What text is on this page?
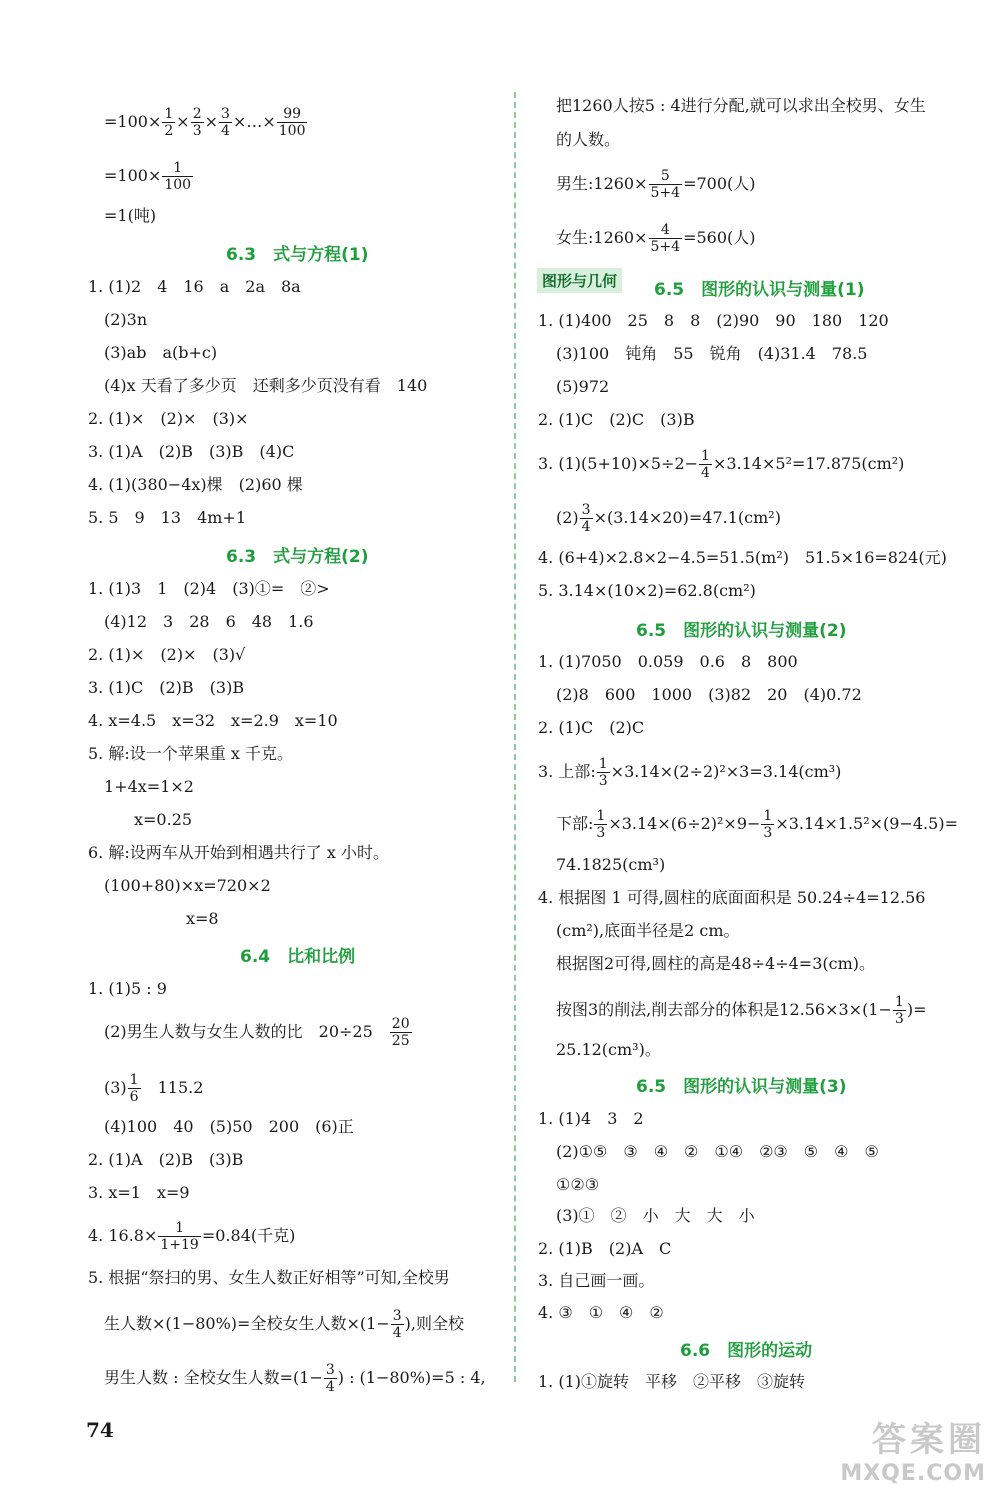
$=100\times \frac{1}{2} \times \frac{2}{3} \times \frac{3}{4}$ ×…× $\frac{99}{100}$
$=100\times \frac{1}{100}$
=1(吨)
6.3　式与方程(1)
1. (1)2　4　16　a　2a　8a
(2)3n
(3)ab　a(b+c)
(4)x 天看了多少页　还剩多少页没有看　140
2. (1)×　(2)×　(3)×
3. (1)A　(2)B　(3)B　(4)C
4. (1)(380−4x)棵　(2)60 棵
5. 5　9　13　4m+1
6.3　式与方程(2)
1. (1)3　1　(2)4　(3)①=　②>
(4)12　3　28　6　48　1.6
2. (1)×　(2)×　(3)√
3. (1)C　(2)B　(3)B
4. x=4.5　x=32　x=2.9　x=10
5. 解:设一个苹果重 x 千克。
1+4x=1×2
x=0.25
6. 解:设两车从开始到相遇共行了 x 小时。
(100+80)×x=720×2
x=8
6.4　比和比例
1. (1)5 : 9
(2)男生人数与女生人数的比　20÷25　 $\frac{20}{25}$
$(3) \frac{1}{6}$ 　115.2
(4)100　40　(5)50　200　(6)正
2. (1)A　(2)B　(3)B
3. x=1　x=9
4. $16.8\times \frac{1}{1+19} =0.84$(千克)
5. 根据“祭扫的男、女生人数正好相等”可知,全校男
生人数×(1−80%)=全校女生人数$\times(1- \frac{3}{4}$ ),则全校
男生人数 : 全校女生人数$=(1- \frac{3}{4}$ ) : (1−80%)=5 : 4,
把1260人按5 : 4进行分配,就可以求出全校男、女生
的人数。
男生:1260× $\frac{5}{5+4} =700$(人)
女生:1260× $\frac{4}{5+4} =560$(人)
图形与几何 6.5　图形的认识与测量(1)
1. (1)400　25　8　8　(2)90　90　180　120
(3)100　钝角　55　锐角　(4)31.4　78.5
(5)972
2. (1)C　(2)C　(3)B
3. $(1)(5+10)\times 5\div 2- \frac{1}{4} \times 3.14\times 5^2=17.875(cm^2)$
$(2) \frac{3}{4} \times(3.14\times 20)=47.1(cm^2)$
4. (6+4)×2.8×2−4.5=51.5(m²)　51.5×16=824(元)
5. 3.14×(10×2)=62.8(cm²)
6.5　图形的认识与测量(2)
1. (1)7050　0.059　0.6　8　800
(2)8　600　1000　(3)82　20　(4)0.72
2. (1)C　(2)C
3. 上部: $\frac{1}{3} \times 3.14\times(2\div 2)^2\times 3=3.14(cm^3)$
下部: $\frac{1}{3} \times 3.14\times(6\div 2)^2\times 9- \frac{1}{3} \times 3.14\times 1.5^2\times(9-4.5)=$
74.1825(cm³)
4. 根据图 1 可得,圆柱的底面面积是 50.24÷4=12.56
(cm²),底面半径是2 cm。
根据图2可得,圆柱的高是48÷4÷4=3(cm)。
按图3的削法,削去部分的体积是$12.56\times 3\times(1- \frac{1}{3}$ )=
25.12(cm³)。
6.5　图形的认识与测量(3)
1. (1)4　3　2
(2)①⑤　③　④　②　①④　②③　⑤　④　⑤
①②③
(3)①　②　小　大　大　小
2. (1)B　(2)A　C
3. 自己画一画。
4. ③　①　④　②
6.6　图形的运动
1. (1)①旋转　平移　②平移　③旋转
74	答案圈
MXQE.COM
